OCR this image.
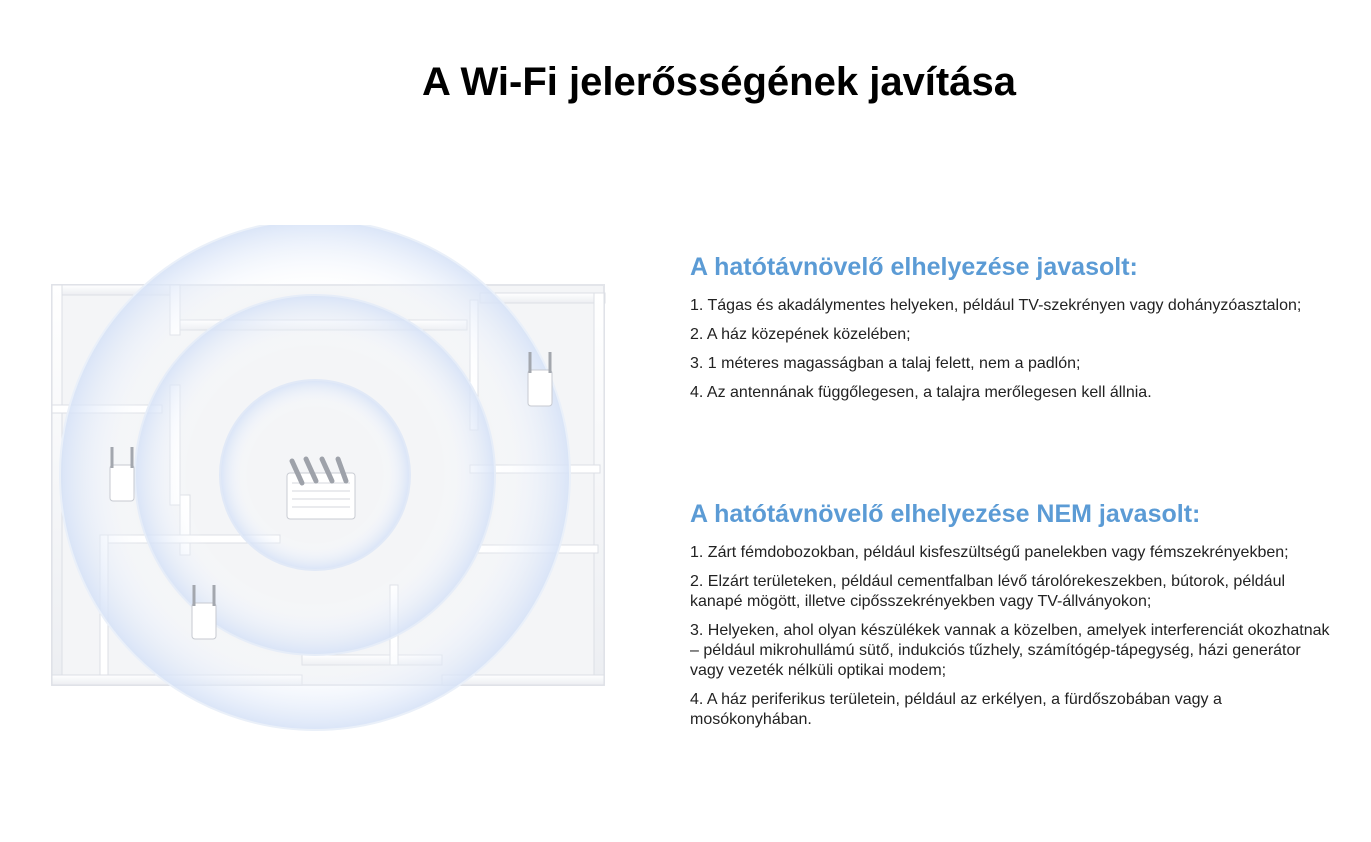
A Wi-Fi jelerősségének javítása
A hatótávnövelő elhelyezése javasolt:
1. Tágas és akadálymentes helyeken, például TV-szekrényen vagy dohányzóasztalon;
2. A ház közepének közelében;
3. 1 méteres magasságban a talaj felett, nem a padlón;
4. Az antennának függőlegesen, a talajra merőlegesen kell állnia.
A hatótávnövelő elhelyezése NEM javasolt:
1. Zárt fémdobozokban, például kisfeszültségű panelekben vagy fémszekrényekben;
2. Elzárt területeken, például cementfalban lévő tárolórekeszekben, bútorok, például kanapé mögött, illetve cipősszekrényekben vagy TV-állványokon;
3. Helyeken, ahol olyan készülékek vannak a közelben, amelyek interferenciát okozhatnak – például mikrohullámú sütő, indukciós tűzhely, számítógép-tápegység, házi generátor vagy vezeték nélküli optikai modem;
4. A ház periferikus területein, például az erkélyen, a fürdőszobában vagy a mosókonyhában.
